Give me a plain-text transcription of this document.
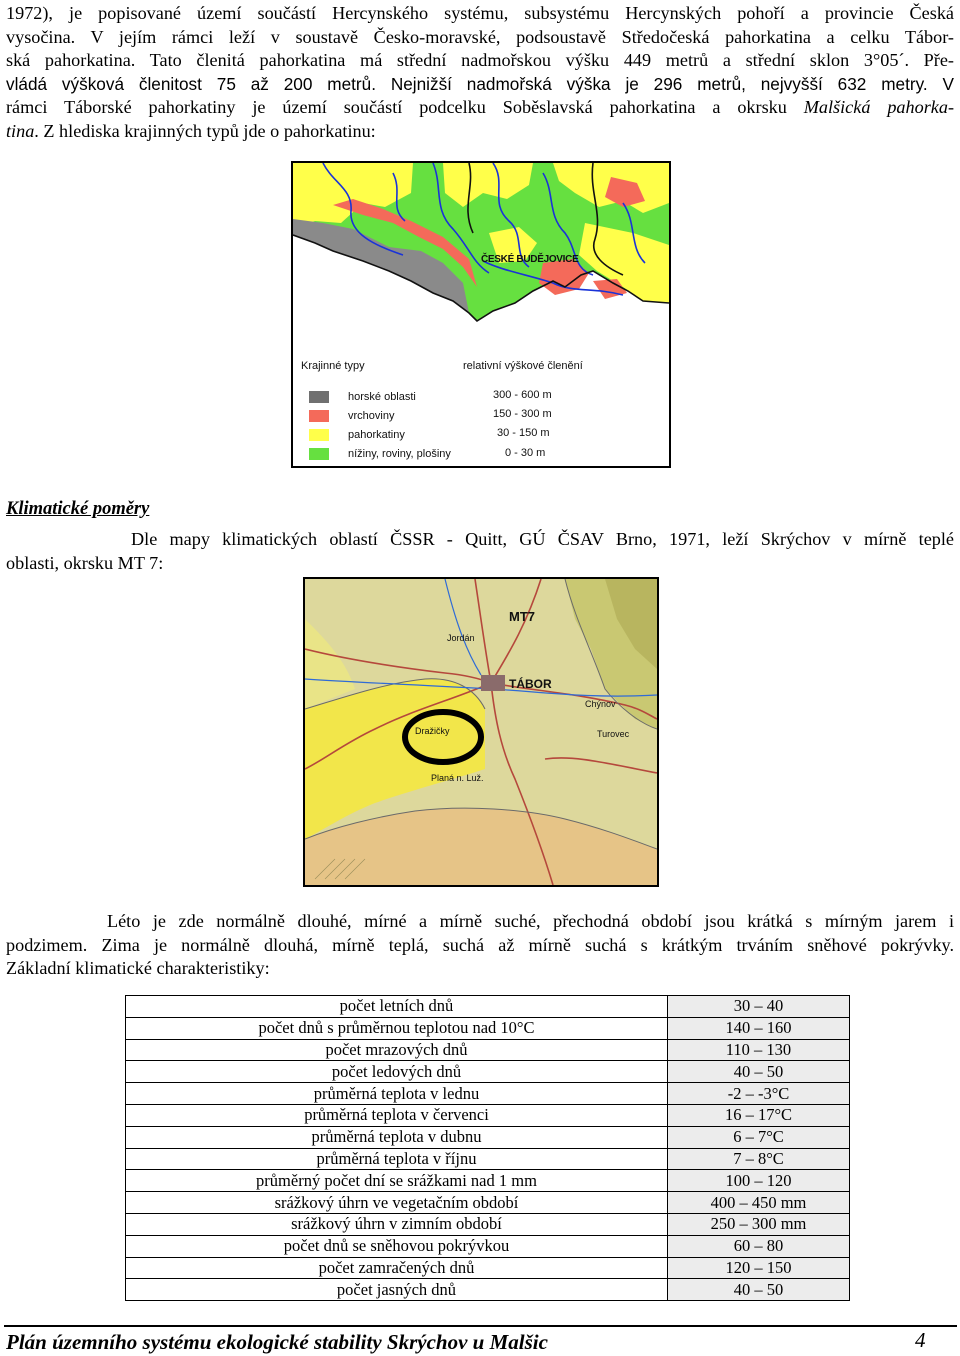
1972), je popisované území součástí Hercynského systému, subsystému Hercynských pohoří a provincie Česká
vysočina. V jejím rámci leží v soustavě Česko-moravské, podsoustavě Středočeská pahorkatina a celku Tábor-
ská pahorkatina. Tato členitá pahorkatina má střední nadmořskou výšku 449 metrů a střední sklon 3°05´. Pře-
vládá výšková členitost 75 až 200 metrů. Nejnižší nadmořská výška je 296 metrů, nejvyšší 632 metry. V
rámci Táborské pahorkatiny je území součástí podcelku Soběslavská pahorkatina a okrsku Malšická pahorka-
tina. Z hlediska krajinných typů jde o pahorkatinu:
ČESKÉ BUDĚJOVICE
Krajinné typy	relativní výškové členění
horské oblasti
vrchoviny
pahorkatiny
nížiny, roviny, plošiny
300 - 600 m
150 - 300 m
30 - 150 m
0 - 30 m
Klimatické poměry
Dle mapy klimatických oblastí ČSSR - Quitt, GÚ ČSAV Brno, 1971, leží Skrýchov v mírně teplé
oblasti, okrsku MT 7:
MT7
TÁBOR
Jordán
Chýnov
Turovec
Planá n. Luž.
Dražičky
Léto je zde normálně dlouhé, mírné a mírně suché, přechodná období jsou krátká s mírným jarem i
podzimem. Zima je normálně dlouhá, mírně teplá, suchá až mírně suchá s krátkým trváním sněhové pokrývky.
Základní klimatické charakteristiky:
počet letních dnů	30 – 40
počet dnů s průměrnou teplotou nad 10°C	140 – 160
počet mrazových dnů	110 – 130
počet ledových dnů	40 – 50
průměrná teplota v lednu	-2 – -3°C
průměrná teplota v červenci	16 – 17°C
průměrná teplota v dubnu	6 – 7°C
průměrná teplota v říjnu	7 – 8°C
průměrný počet dní se srážkami nad 1 mm	100 – 120
srážkový úhrn ve vegetačním období	400 – 450 mm
srážkový úhrn v zimním období	250 – 300 mm
počet dnů se sněhovou pokrývkou	60 – 80
počet zamračených dnů	120 – 150
počet jasných dnů	40 – 50
Plán územního systému ekologické stability Skrýchov u Malšic	4
